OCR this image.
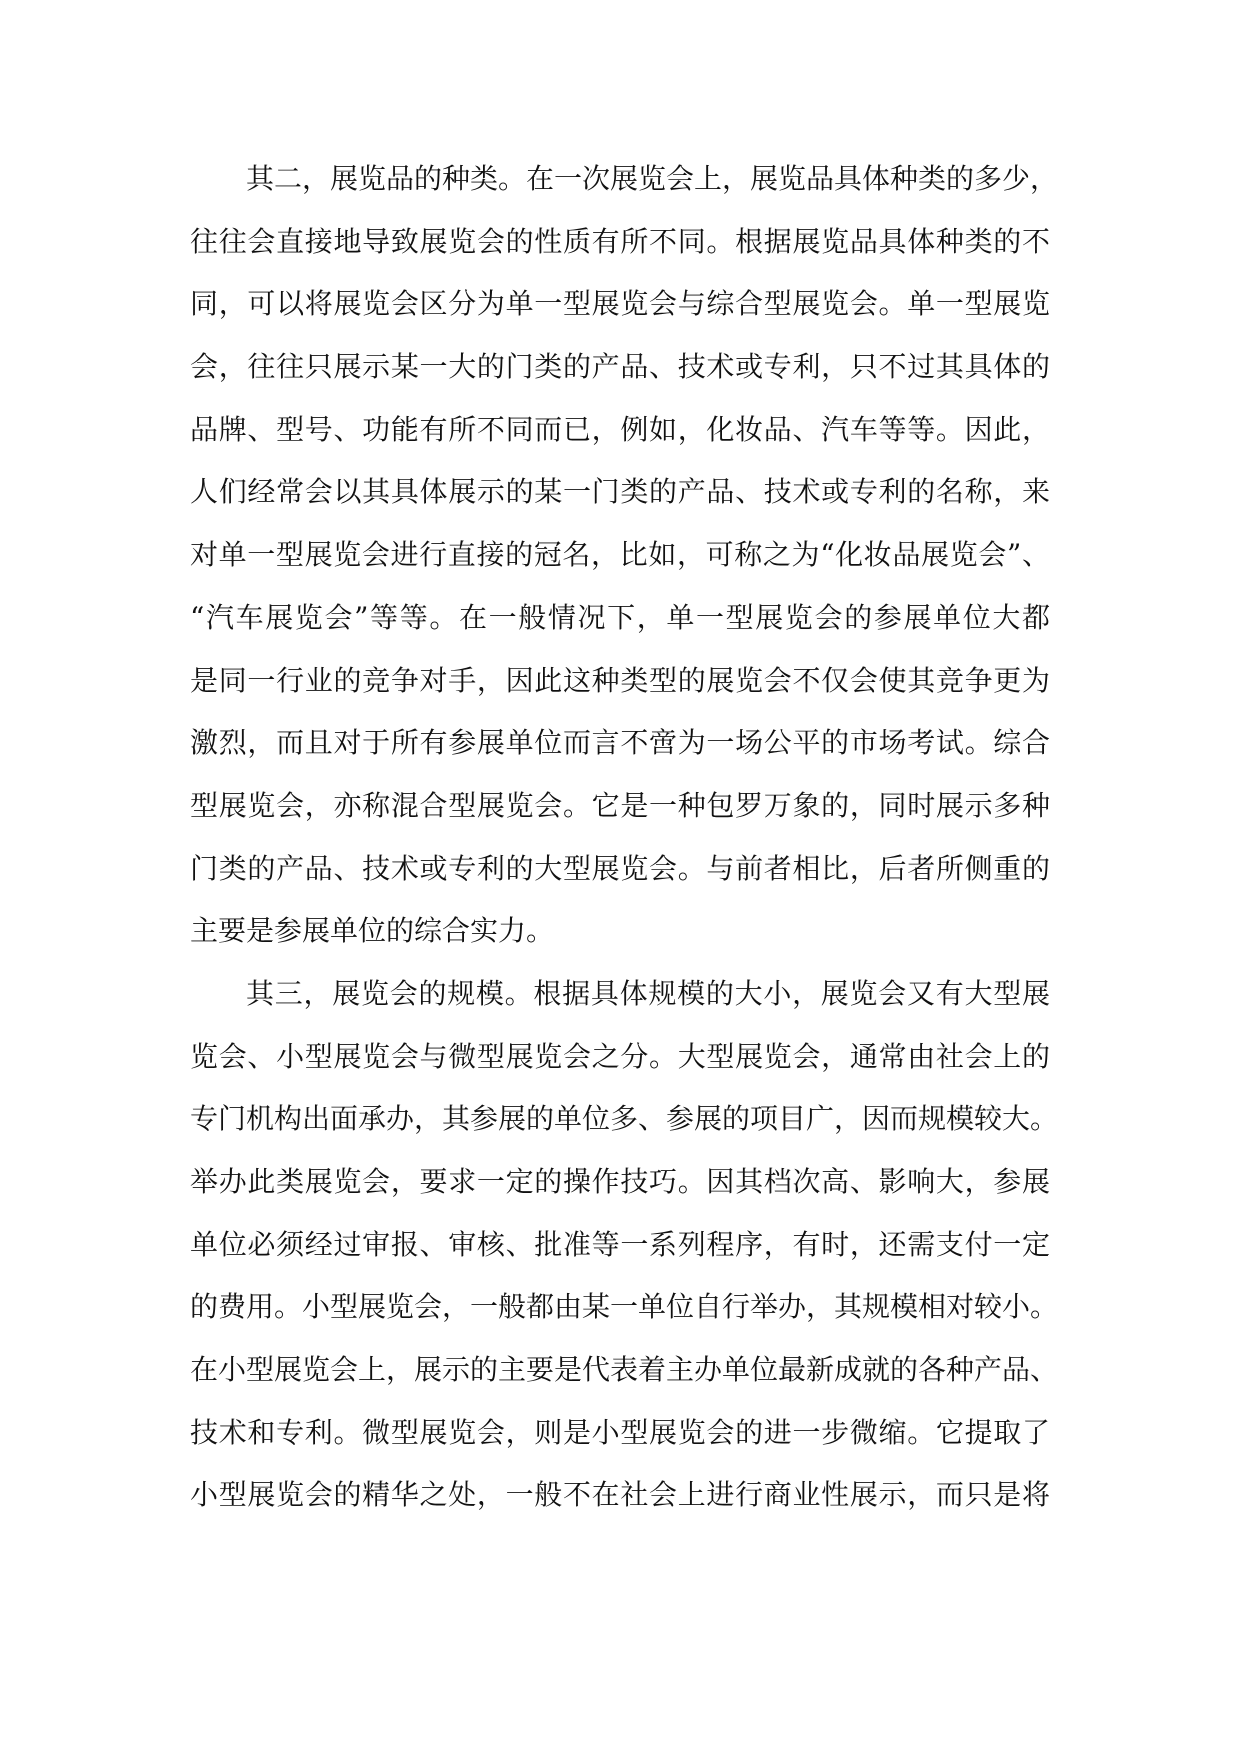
其二，展览品的种类。在一次展览会上，展览品具体种类的多少，
往往会直接地导致展览会的性质有所不同。根据展览品具体种类的不
同，可以将展览会区分为单一型展览会与综合型展览会。单一型展览
会，往往只展示某一大的门类的产品、技术或专利，只不过其具体的
品牌、型号、功能有所不同而已，例如，化妆品、汽车等等。因此，
人们经常会以其具体展示的某一门类的产品、技术或专利的名称，来
对单一型展览会进行直接的冠名，比如，可称之为“化妆品展览会”、
“汽车展览会”等等。在一般情况下，单一型展览会的参展单位大都
是同一行业的竞争对手，因此这种类型的展览会不仅会使其竞争更为
激烈，而且对于所有参展单位而言不啻为一场公平的市场考试。综合
型展览会，亦称混合型展览会。它是一种包罗万象的，同时展示多种
门类的产品、技术或专利的大型展览会。与前者相比，后者所侧重的
主要是参展单位的综合实力。
其三，展览会的规模。根据具体规模的大小，展览会又有大型展
览会、小型展览会与微型展览会之分。大型展览会，通常由社会上的
专门机构出面承办，其参展的单位多、参展的项目广，因而规模较大。
举办此类展览会，要求一定的操作技巧。因其档次高、影响大，参展
单位必须经过审报、审核、批准等一系列程序，有时，还需支付一定
的费用。小型展览会，一般都由某一单位自行举办，其规模相对较小。
在小型展览会上，展示的主要是代表着主办单位最新成就的各种产品、
技术和专利。微型展览会，则是小型展览会的进一步微缩。它提取了
小型展览会的精华之处，一般不在社会上进行商业性展示，而只是将
